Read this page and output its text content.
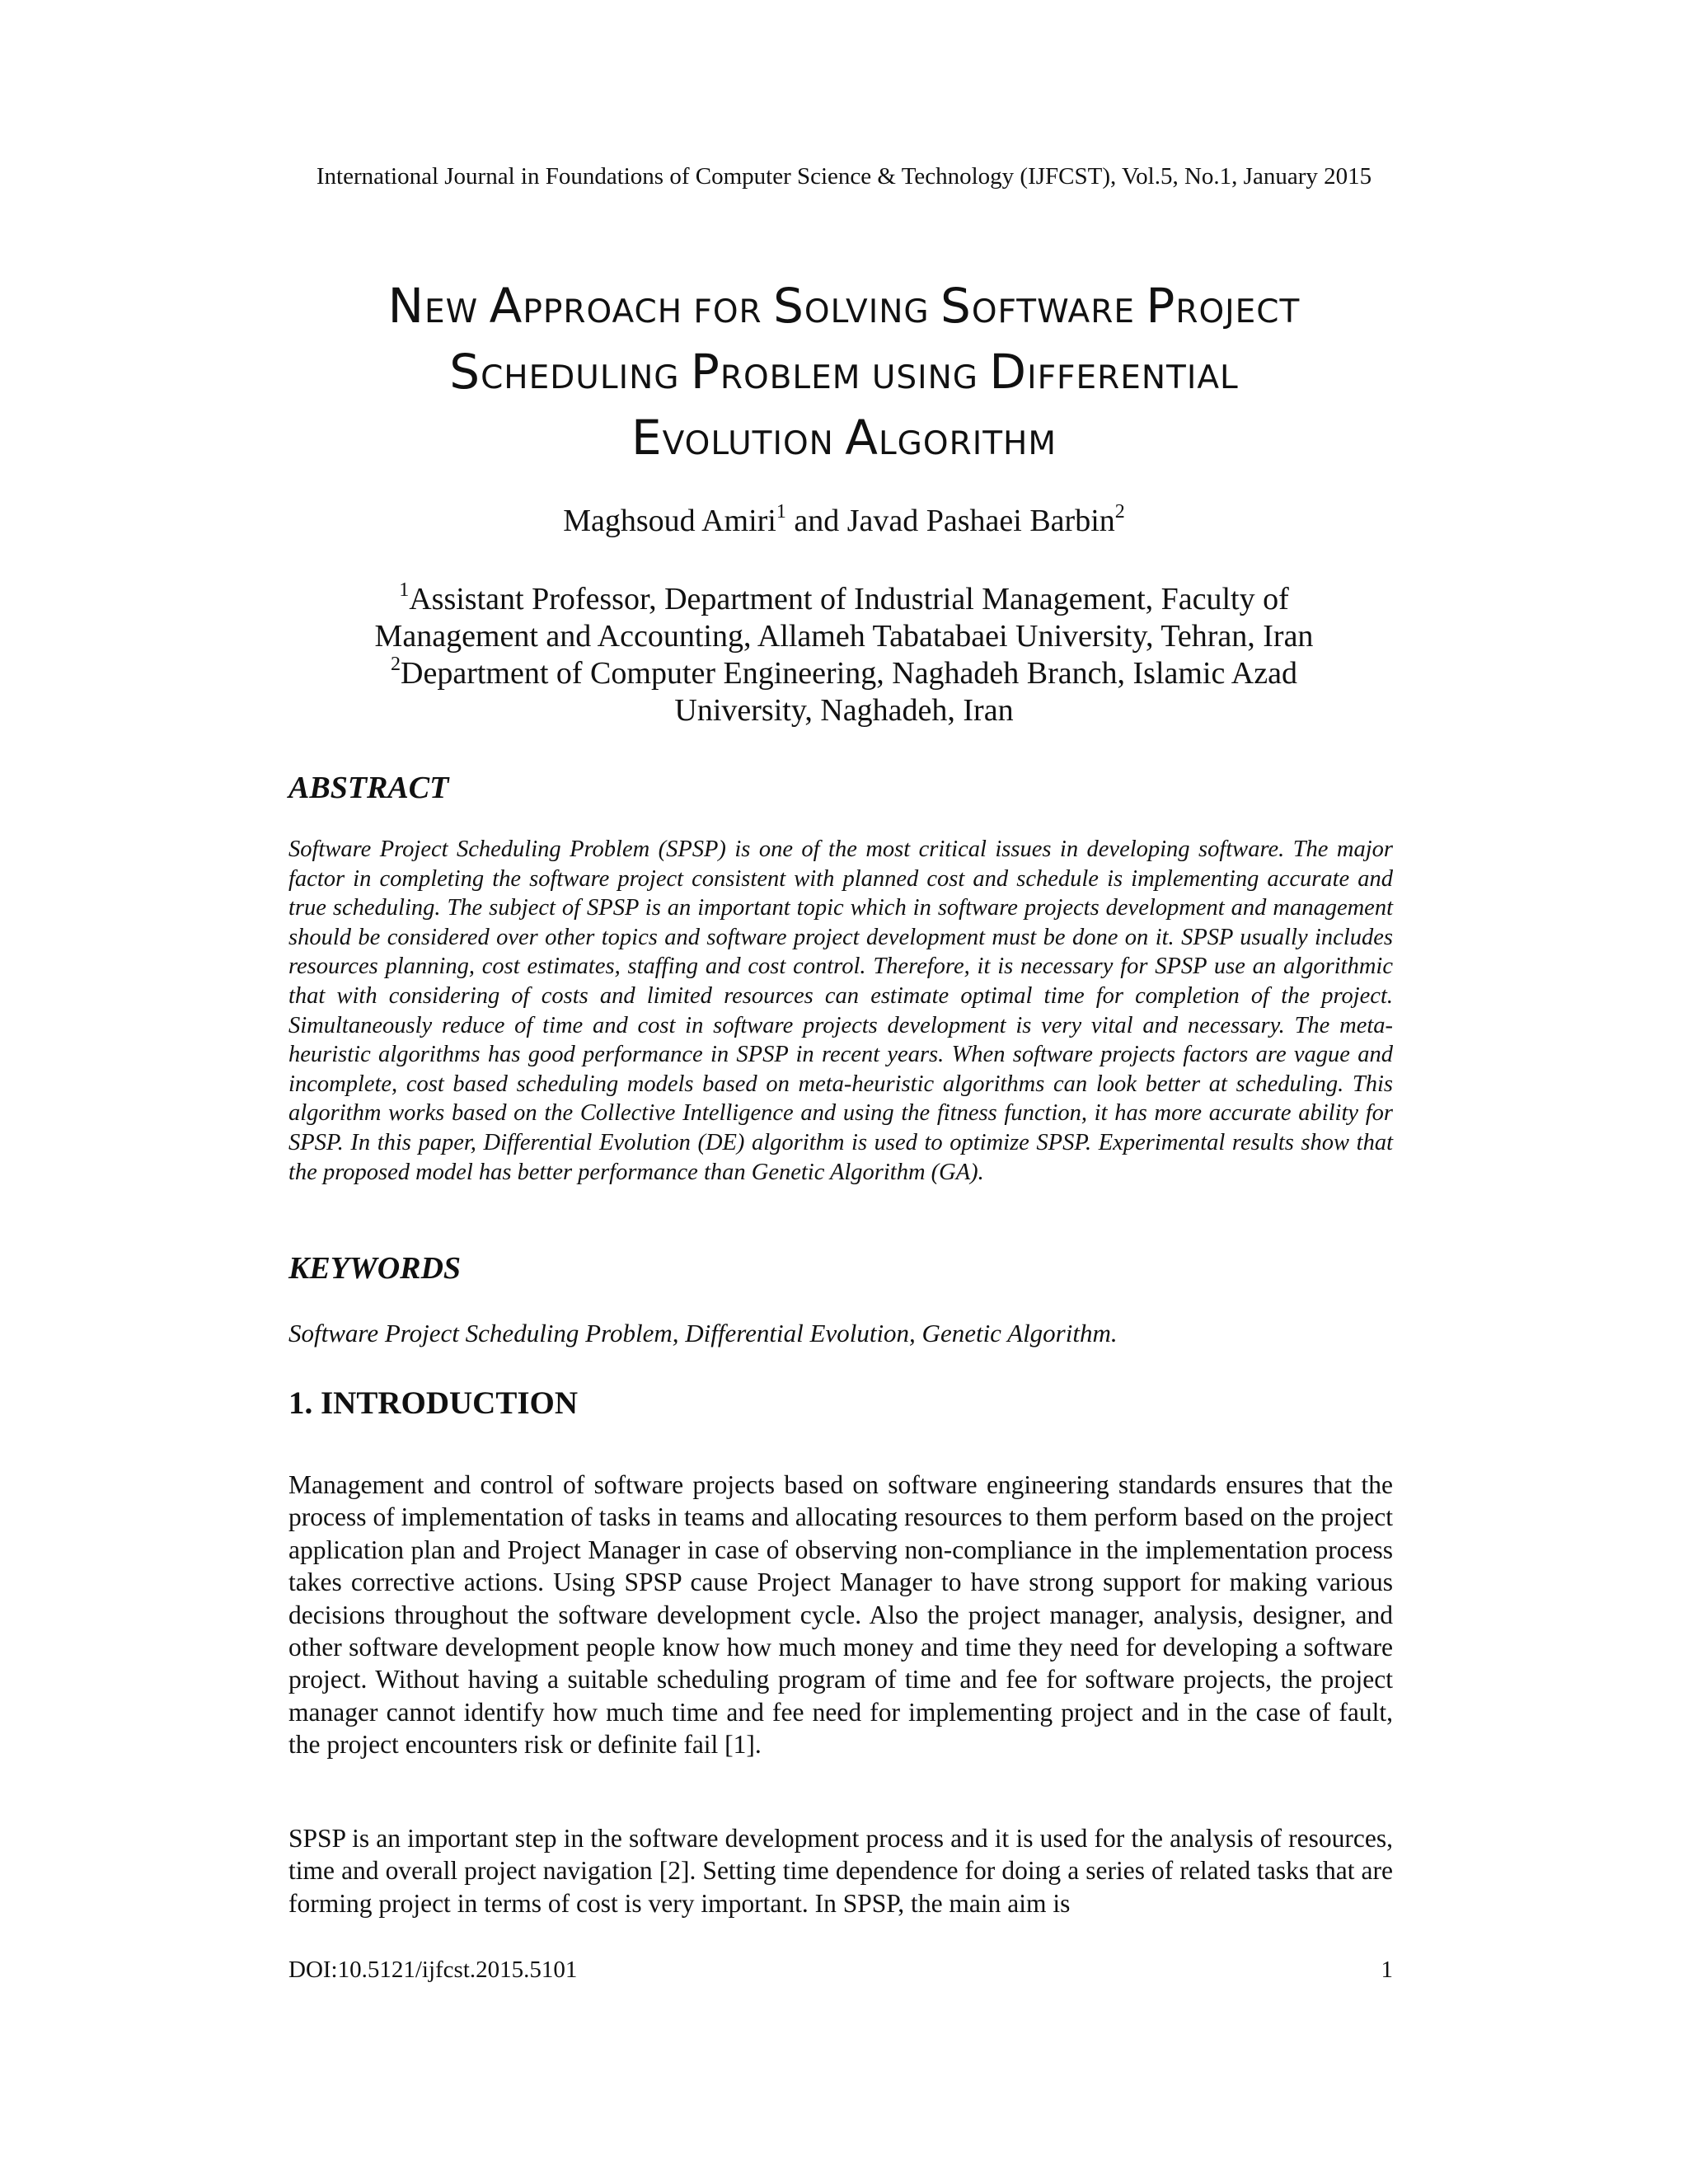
International Journal in Foundations of Computer Science & Technology (IJFCST), Vol.5, No.1, January 2015
NEW APPROACH FOR SOLVING SOFTWARE PROJECT
SCHEDULING PROBLEM USING DIFFERENTIAL
EVOLUTION ALGORITHM
Maghsoud Amiri$^1$ and Javad Pashaei Barbin$^2$
$^1$Assistant Professor, Department of Industrial Management, Faculty of
Management and Accounting, Allameh Tabatabaei University, Tehran, Iran
$^2$Department of Computer Engineering, Naghadeh Branch, Islamic Azad
University, Naghadeh, Iran
ABSTRACT

Software Project Scheduling Problem (SPSP) is one of the most critical issues in developing software. The major factor in completing the software project consistent with planned cost and schedule is implementing accurate and true scheduling. The subject of SPSP is an important topic which in software projects development and management should be considered over other topics and software project development must be done on it. SPSP usually includes resources planning, cost estimates, staffing and cost control. Therefore, it is necessary for SPSP use an algorithmic that with considering of costs and limited resources can estimate optimal time for completion of the project. Simultaneously reduce of time and cost in software projects development is very vital and necessary. The meta-heuristic algorithms has good performance in SPSP in recent years. When software projects factors are vague and incomplete, cost based scheduling models based on meta-heuristic algorithms can look better at scheduling. This algorithm works based on the Collective Intelligence and using the fitness function, it has more accurate ability for SPSP. In this paper, Differential Evolution (DE) algorithm is used to optimize SPSP. Experimental results show that the proposed model has better performance than Genetic Algorithm (GA).

KEYWORDS

Software Project Scheduling Problem, Differential Evolution, Genetic Algorithm.

1. INTRODUCTION

Management and control of software projects based on software engineering standards ensures that the process of implementation of tasks in teams and allocating resources to them perform based on the project application plan and Project Manager in case of observing non-compliance in the implementation process takes corrective actions. Using SPSP cause Project Manager to have strong support for making various decisions throughout the software development cycle. Also the project manager, analysis, designer, and other software development people know how much money and time they need for developing a software project. Without having a suitable scheduling program of time and fee for software projects, the project manager cannot identify how much time and fee need for implementing project and in the case of fault, the project encounters risk or definite fail [1].

SPSP is an important step in the software development process and it is used for the analysis of resources, time and overall project navigation [2]. Setting time dependence for doing a series of related tasks that are forming project in terms of cost is very important. In SPSP, the main aim is

DOI:10.5121/ijfcst.2015.5101	1
